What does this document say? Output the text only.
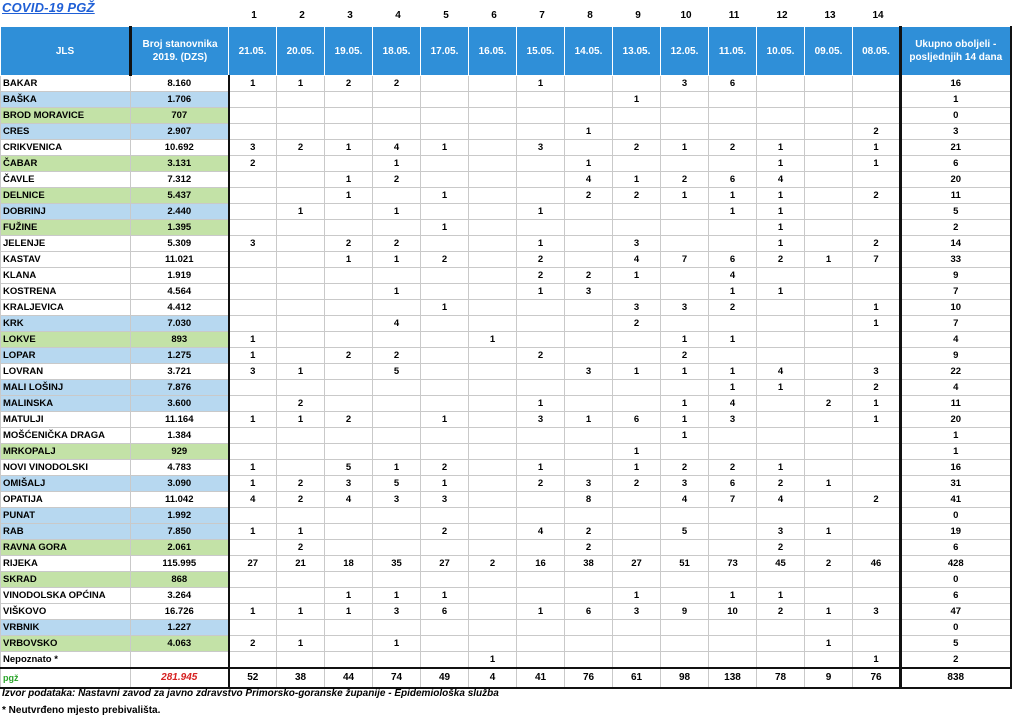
COVID-19 PGŽ
1	2	3	4	5	6	7	8	9	10	11	12	13	14
JLS	Broj stanovnika 2019. (DZS)	21.05.	20.05.	19.05.	18.05.	17.05.	16.05.	15.05.	14.05.	13.05.	12.05.	11.05.	10.05.	09.05.	08.05.	Ukupno oboljeli - posljednjih 14 dana
BAKAR	8.160	1	1	2	2			1			3	6				16
BAŠKA	1.706									1						1
BROD MORAVICE	707															0
CRES	2.907								1						2	3
CRIKVENICA	10.692	3	2	1	4	1		3		2	1	2	1		1	21
ČABAR	3.131	2			1				1				1		1	6
ČAVLE	7.312			1	2				4	1	2	6	4			20
DELNICE	5.437			1		1			2	2	1	1	1		2	11
DOBRINJ	2.440		1		1			1				1	1			5
FUŽINE	1.395					1							1			2
JELENJE	5.309	3		2	2			1		3			1		2	14
KASTAV	11.021			1	1	2		2		4	7	6	2	1	7	33
KLANA	1.919							2	2	1		4				9
KOSTRENA	4.564				1			1	3			1	1			7
KRALJEVICA	4.412					1				3	3	2			1	10
KRK	7.030				4					2					1	7
LOKVE	893	1					1				1	1				4
LOPAR	1.275	1		2	2			2			2					9
LOVRAN	3.721	3	1		5				3	1	1	1	4		3	22
MALI LOŠINJ	7.876											1	1		2	4
MALINSKA	3.600		2					1			1	4		2	1	11
MATULJI	11.164	1	1	2		1		3	1	6	1	3			1	20
MOŠĆENIČKA DRAGA	1.384										1					1
MRKOPALJ	929									1						1
NOVI VINODOLSKI	4.783	1		5	1	2		1		1	2	2	1			16
OMIŠALJ	3.090	1	2	3	5	1		2	3	2	3	6	2	1		31
OPATIJA	11.042	4	2	4	3	3			8		4	7	4		2	41
PUNAT	1.992															0
RAB	7.850	1	1			2		4	2		5		3	1		19
RAVNA GORA	2.061		2						2				2			6
RIJEKA	115.995	27	21	18	35	27	2	16	38	27	51	73	45	2	46	428
SKRAD	868															0
VINODOLSKA OPĆINA	3.264			1	1	1				1		1	1			6
VIŠKOVO	16.726	1	1	1	3	6		1	6	3	9	10	2	1	3	47
VRBNIK	1.227															0
VRBOVSKO	4.063	2	1		1									1		5
Nepoznato *							1								1	2
pgž	281.945	52	38	44	74	49	4	41	76	61	98	138	78	9	76	838
Izvor podataka: Nastavni zavod za javno zdravstvo Primorsko-goranske županije - Epidemiološka služba
* Neutvrđeno mjesto prebivališta.
